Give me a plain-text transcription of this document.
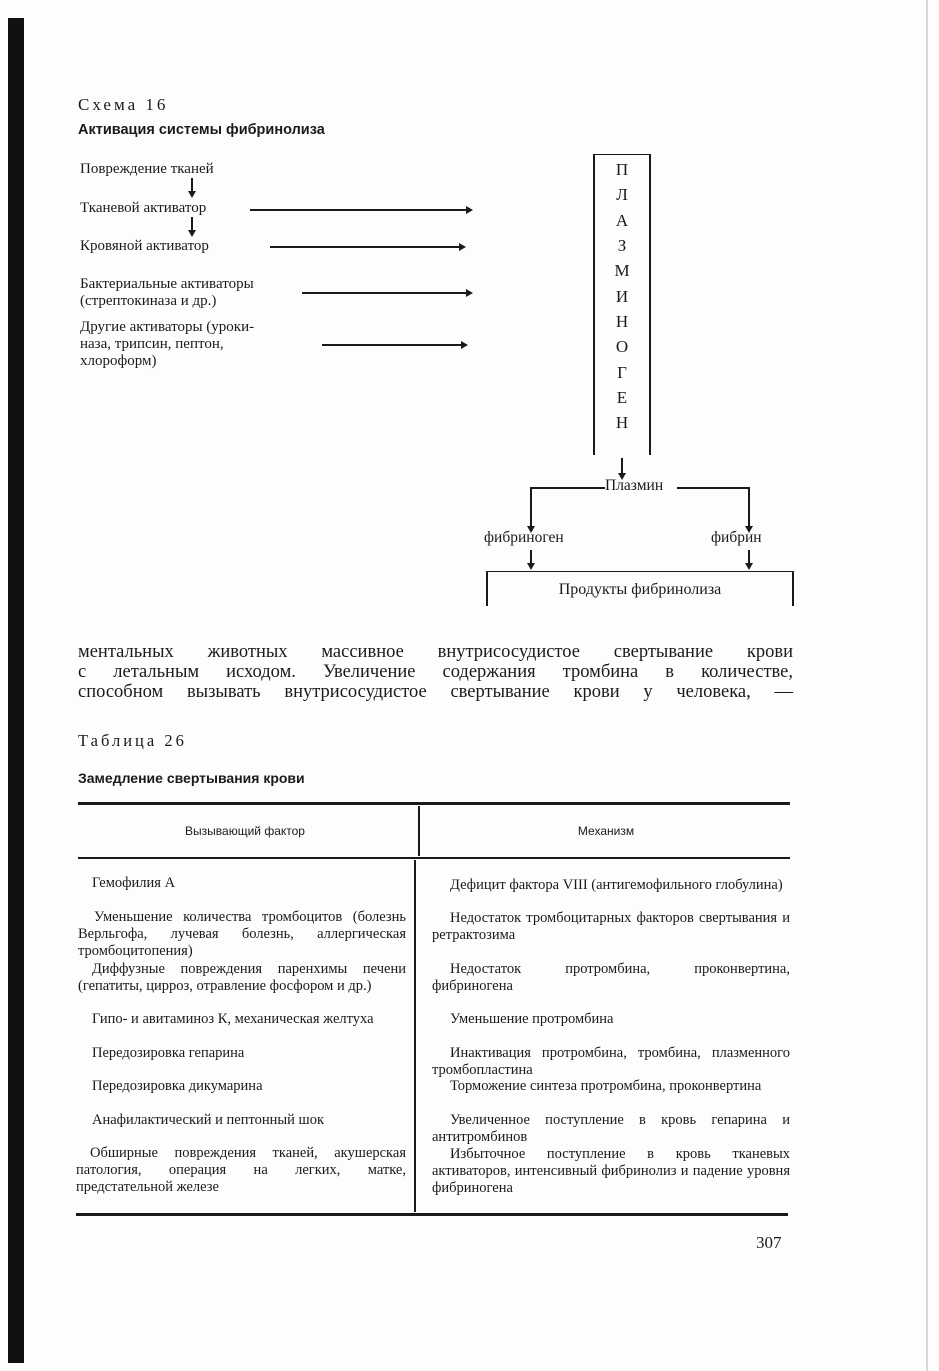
Схема 16
Активация системы фибринолиза
Повреждение тканей
Тканевой активатор
Кровяной активатор
Бактериальные активаторы
(стрептокиназа и др.)
Другие активаторы (уроки-
наза, трипсин, пептон,
хлороформ)
П
Л
А
З
М
И
Н
О
Г
Е
Н
Плазмин
фибриноген	фибрин
Продукты фибринолиза
ментальных животных массивное внутрисосудистое свертывание крови
с летальным исходом. Увеличение содержания тромбина в количестве,
способном вызывать внутрисосудистое свертывание крови у человека, —
Таблица 26
Замедление свертывания крови
Вызывающий фактор	Механизм
Гемофилия А
Уменьшение количества тромбоцитов (болезнь Верльгофа, лучевая болезнь, аллергическая тромбоцитопения)
Диффузные повреждения паренхимы печени (гепатиты, цирроз, отравление фосфором и др.)
Гипо- и авитаминоз К, механическая желтуха
Передозировка гепарина
Передозировка дикумарина
Анафилактический и пептонный шок
Обширные повреждения тканей, акушерская патология, операция на легких, матке, предстательной железе
Дефицит фактора VIII (антигемофильного глобулина)
Недостаток тромбоцитарных факторов свертывания и ретрактозима
Недостаток протромбина, проконвертина, фибриногена
Уменьшение протромбина
Инактивация протромбина, тромбина, плазменного тромбопластина
Торможение синтеза протромбина, проконвертина
Увеличенное поступление в кровь гепарина и антитромбинов
Избыточное поступление в кровь тканевых активаторов, интенсивный фибринолиз и падение уровня фибриногена
307
